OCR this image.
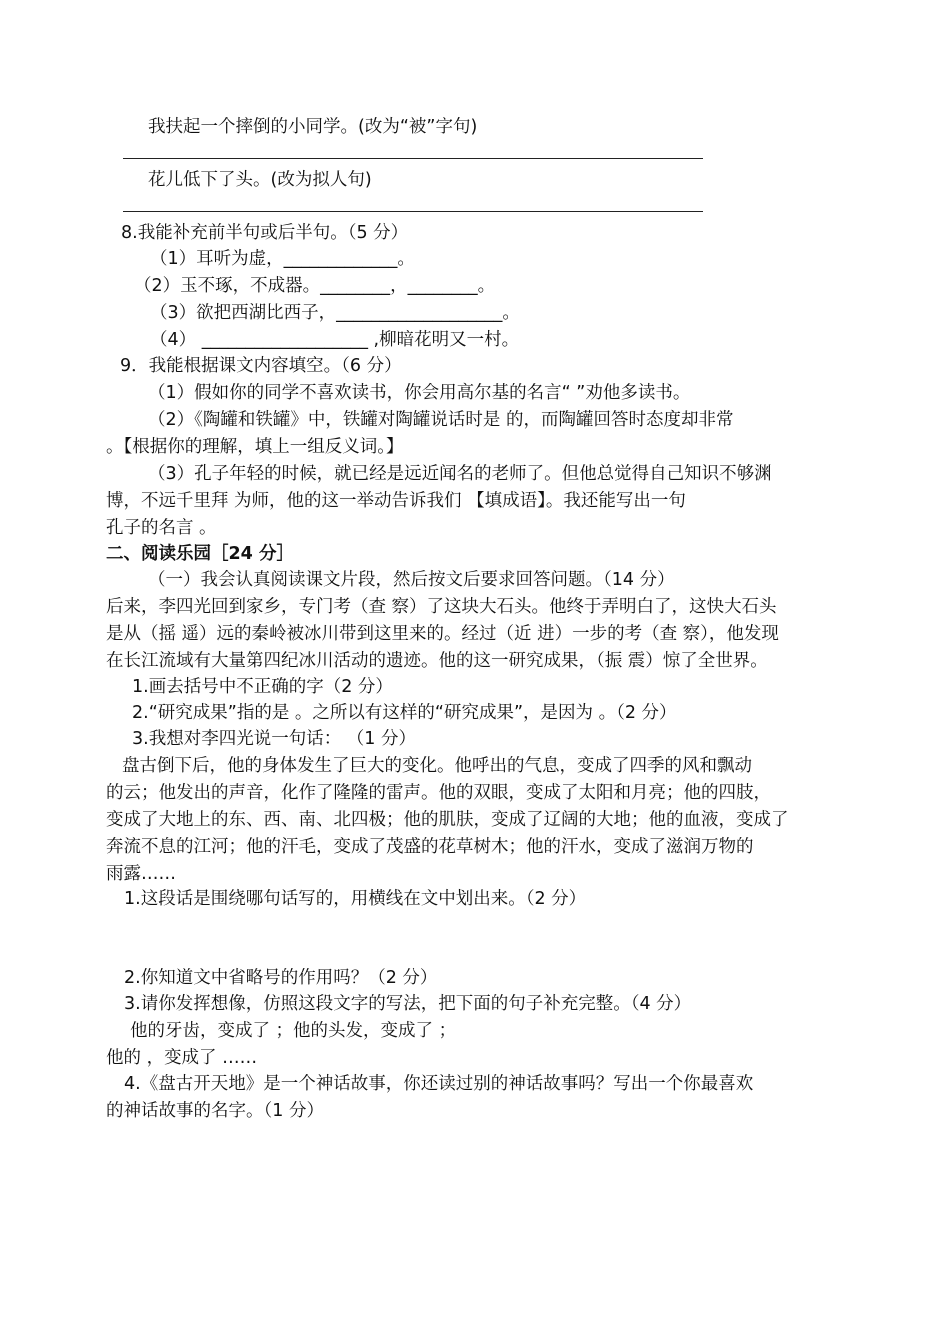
我扶起一个摔倒的小同学。(改为“被”字句)
花儿低下了头。(改为拟人句)
8.我能补充前半句或后半句。（5 分）
（1）耳听为虚，_____________。
（2）玉不琢，不成器。________，________。
（3）欲把西湖比西子，___________________。
（4） ___________________ ,柳暗花明又一村。
9．我能根据课文内容填空。（6 分）
（1）假如你的同学不喜欢读书，你会用高尔基的名言“ ”劝他多读书。
（2）《陶罐和铁罐》中，铁罐对陶罐说话时是 的，而陶罐回答时态度却非常
。【根据你的理解，填上一组反义词。】
（3）孔子年轻的时候，就已经是远近闻名的老师了。但他总觉得自己知识不够渊
博，不远千里拜 为师，他的这一举动告诉我们 【填成语】。我还能写出一句
孔子的名言 。
二、阅读乐园［24 分］
（一）我会认真阅读课文片段，然后按文后要求回答问题。（14 分）
后来，李四光回到家乡，专门考（查 察）了这块大石头。他终于弄明白了，这快大石头
是从（摇 遥）远的秦岭被冰川带到这里来的。经过（近 进）一步的考（查 察），他发现
在长江流域有大量第四纪冰川活动的遗迹。他的这一研究成果，（振 震）惊了全世界。
1.画去括号中不正确的字（2 分）
2.“研究成果”指的是 。之所以有这样的“研究成果”，是因为 。（2 分）
3.我想对李四光说一句话： （1 分）
盘古倒下后，他的身体发生了巨大的变化。他呼出的气息，变成了四季的风和飘动
的云；他发出的声音，化作了隆隆的雷声。他的双眼，变成了太阳和月亮；他的四肢，
变成了大地上的东、西、南、北四极；他的肌肤，变成了辽阔的大地；他的血液，变成了
奔流不息的江河；他的汗毛，变成了茂盛的花草树木；他的汗水，变成了滋润万物的
雨露……
1.这段话是围绕哪句话写的，用横线在文中划出来。（2 分）
2.你知道文中省略号的作用吗？（2 分）
3.请你发挥想像，仿照这段文字的写法，把下面的句子补充完整。（4 分）
他的牙齿，变成了 ；他的头发，变成了 ；
他的 ，变成了 ……
4.《盘古开天地》是一个神话故事，你还读过别的神话故事吗？写出一个你最喜欢
的神话故事的名字。（1 分）
